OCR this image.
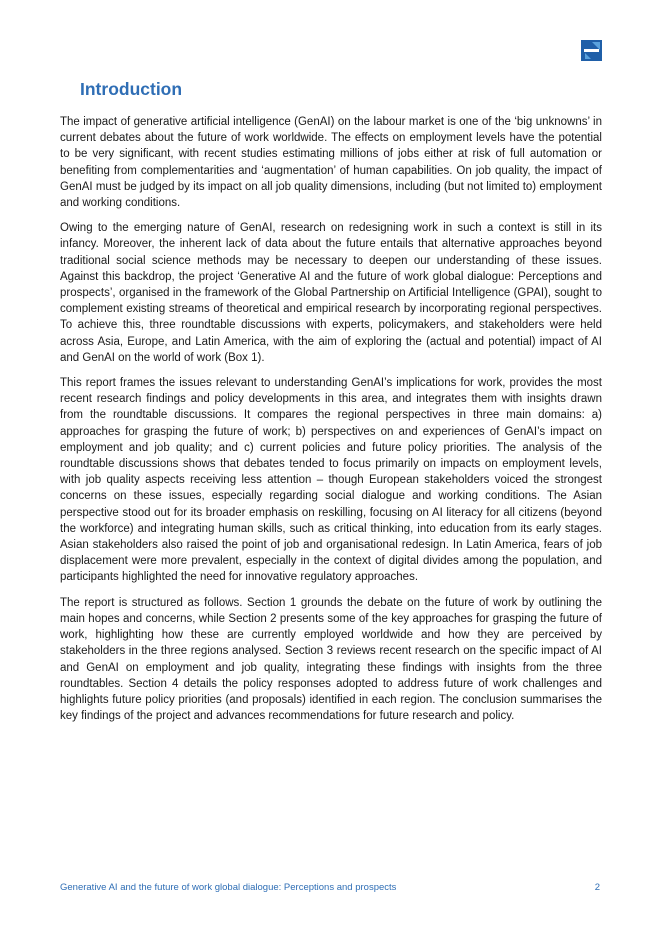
Introduction

The impact of generative artificial intelligence (GenAI) on the labour market is one of the ‘big unknowns’ in current debates about the future of work worldwide. The effects on employment levels have the potential to be very significant, with recent studies estimating millions of jobs either at risk of full automation or benefiting from complementarities and ‘augmentation’ of human capabilities. On job quality, the impact of GenAI must be judged by its impact on all job quality dimensions, including (but not limited to) employment and working conditions.

Owing to the emerging nature of GenAI, research on redesigning work in such a context is still in its infancy. Moreover, the inherent lack of data about the future entails that alternative approaches beyond traditional social science methods may be necessary to deepen our understanding of these issues. Against this backdrop, the project ‘Generative AI and the future of work global dialogue: Perceptions and prospects’, organised in the framework of the Global Partnership on Artificial Intelligence (GPAI), sought to complement existing streams of theoretical and empirical research by incorporating regional perspectives. To achieve this, three roundtable discussions with experts, policymakers, and stakeholders were held across Asia, Europe, and Latin America, with the aim of exploring the (actual and potential) impact of AI and GenAI on the world of work (Box 1).

This report frames the issues relevant to understanding GenAI’s implications for work, provides the most recent research findings and policy developments in this area, and integrates them with insights drawn from the roundtable discussions. It compares the regional perspectives in three main domains: a) approaches for grasping the future of work; b) perspectives on and experiences of GenAI’s impact on employment and job quality; and c) current policies and future policy priorities. The analysis of the roundtable discussions shows that debates tended to focus primarily on impacts on employment levels, with job quality aspects receiving less attention – though European stakeholders voiced the strongest concerns on these issues, especially regarding social dialogue and working conditions. The Asian perspective stood out for its broader emphasis on reskilling, focusing on AI literacy for all citizens (beyond the workforce) and integrating human skills, such as critical thinking, into education from its early stages. Asian stakeholders also raised the point of job and organisational redesign. In Latin America, fears of job displacement were more prevalent, especially in the context of digital divides among the population, and participants highlighted the need for innovative regulatory approaches.

The report is structured as follows. Section 1 grounds the debate on the future of work by outlining the main hopes and concerns, while Section 2 presents some of the key approaches for grasping the future of work, highlighting how these are currently employed worldwide and how they are perceived by stakeholders in the three regions analysed. Section 3 reviews recent research on the specific impact of AI and GenAI on employment and job quality, integrating these findings with insights from the three roundtables. Section 4 details the policy responses adopted to address future of work challenges and highlights future policy priorities (and proposals) identified in each region. The conclusion summarises the key findings of the project and advances recommendations for future research and policy.

Generative AI and the future of work global dialogue: Perceptions and prospects	2
